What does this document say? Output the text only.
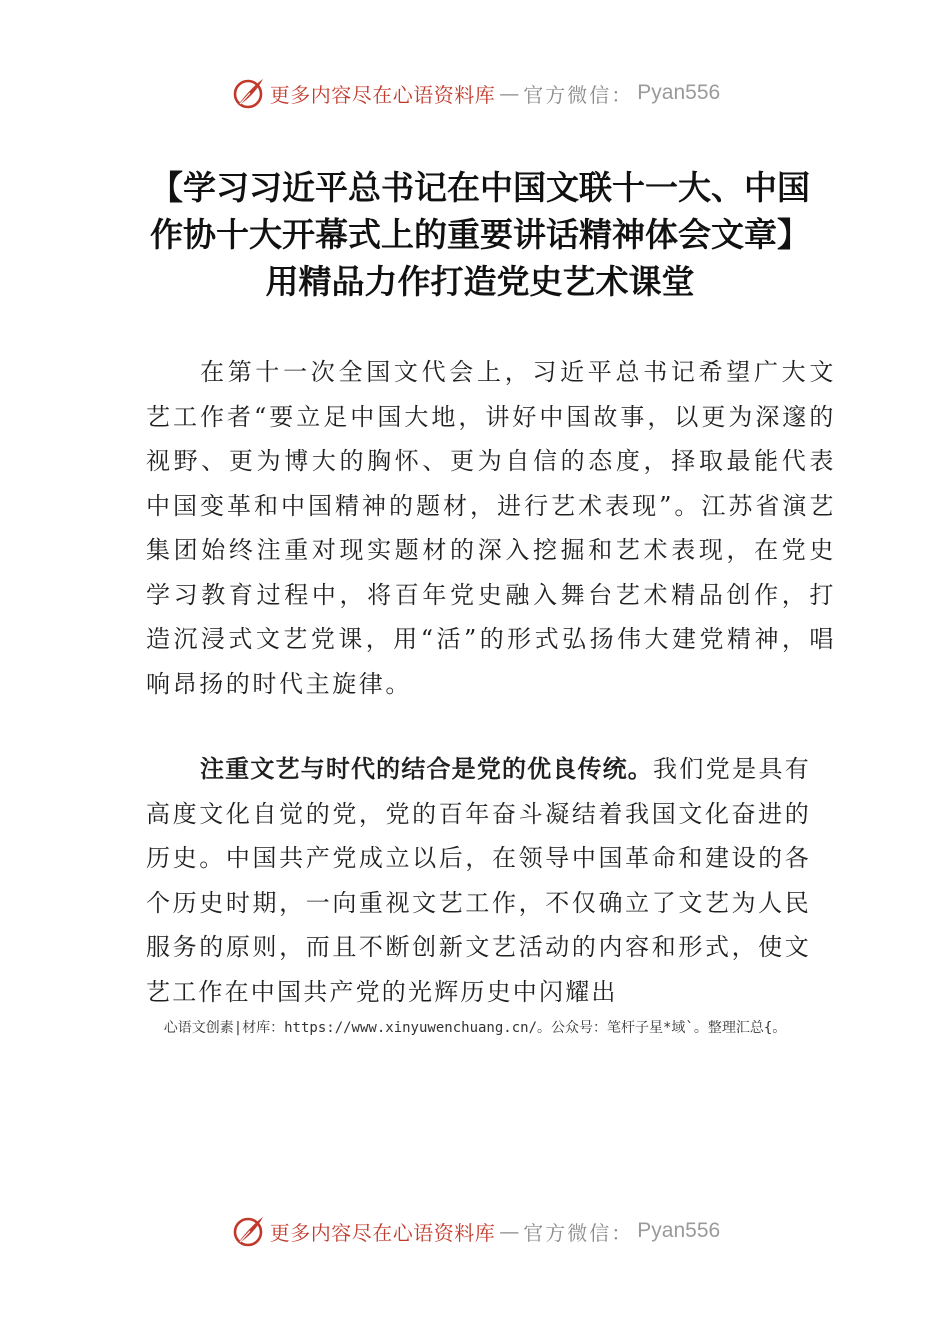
更多内容尽在心语资料库 — 官方微信： Pyan556
【学习习近平总书记在中国文联十一大、中国作协十大开幕式上的重要讲话精神体会文章】用精品力作打造党史艺术课堂

在第十一次全国文代会上，习近平总书记希望广大文艺工作者“要立足中国大地，讲好中国故事，以更为深邃的视野、更为博大的胸怀、更为自信的态度，择取最能代表中国变革和中国精神的题材，进行艺术表现”。江苏省演艺集团始终注重对现实题材的深入挖掘和艺术表现，在党史学习教育过程中，将百年党史融入舞台艺术精品创作，打造沉浸式文艺党课，用“活”的形式弘扬伟大建党精神，唱响昂扬的时代主旋律。

注重文艺与时代的结合是党的优良传统。我们党是具有高度文化自觉的党，党的百年奋斗凝结着我国文化奋进的历史。中国共产党成立以后，在领导中国革命和建设的各个历史时期，一向重视文艺工作，不仅确立了文艺为人民服务的原则，而且不断创新文艺活动的内容和形式，使文艺工作在中国共产党的光辉历史中闪耀出

心语文创素|材库：https://www.xinyuwenchuang.cn/。公众号：笔杆子星*域`。整理汇总{。
更多内容尽在心语资料库 — 官方微信： Pyan556
